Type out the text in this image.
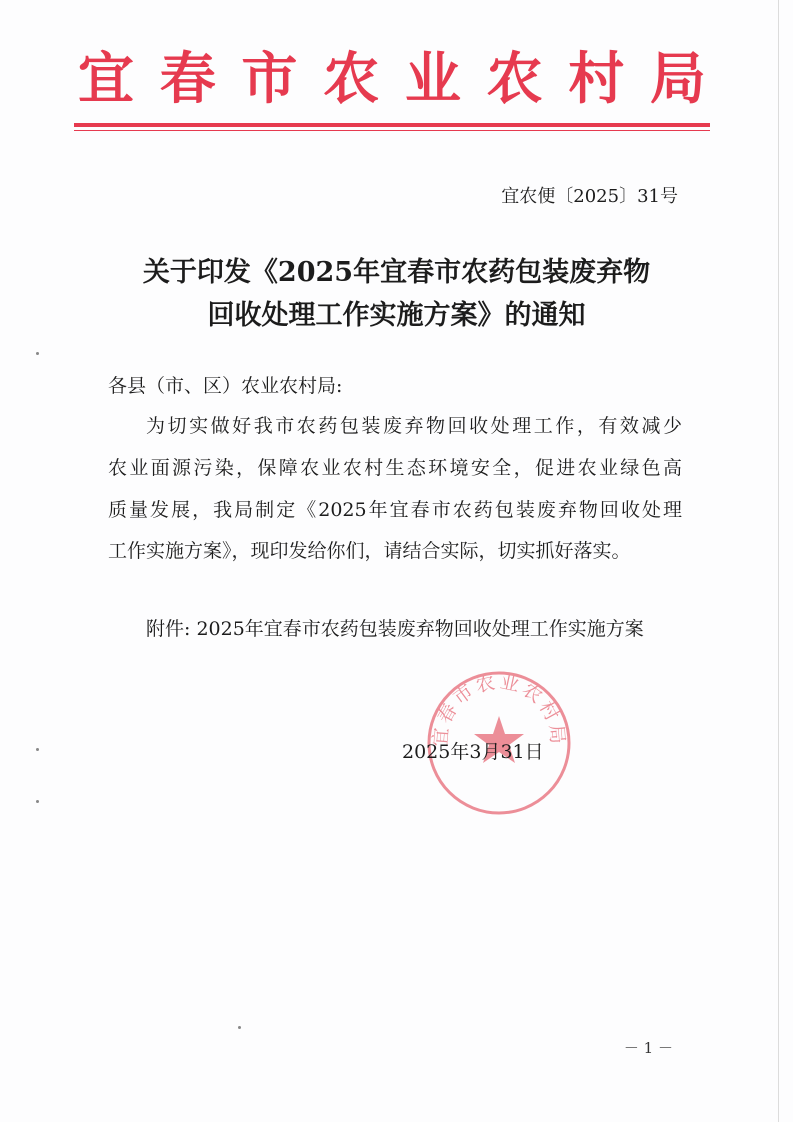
宜 春 市 农 业 农 村 局
宜农便〔2025〕31号
关于印发《2025年宜春市农药包装废弃物
回收处理工作实施方案》的通知
各县（市、区）农业农村局:
为切实做好我市农药包装废弃物回收处理工作，有效减少
农业面源污染，保障农业农村生态环境安全，促进农业绿色高
质量发展，我局制定《2025年宜春市农药包装废弃物回收处理
工作实施方案》，现印发给你们，请结合实际，切实抓好落实。
附件: 2025年宜春市农药包装废弃物回收处理工作实施方案
宜春市农业农村局
2025年3月31日
－ 1 －
